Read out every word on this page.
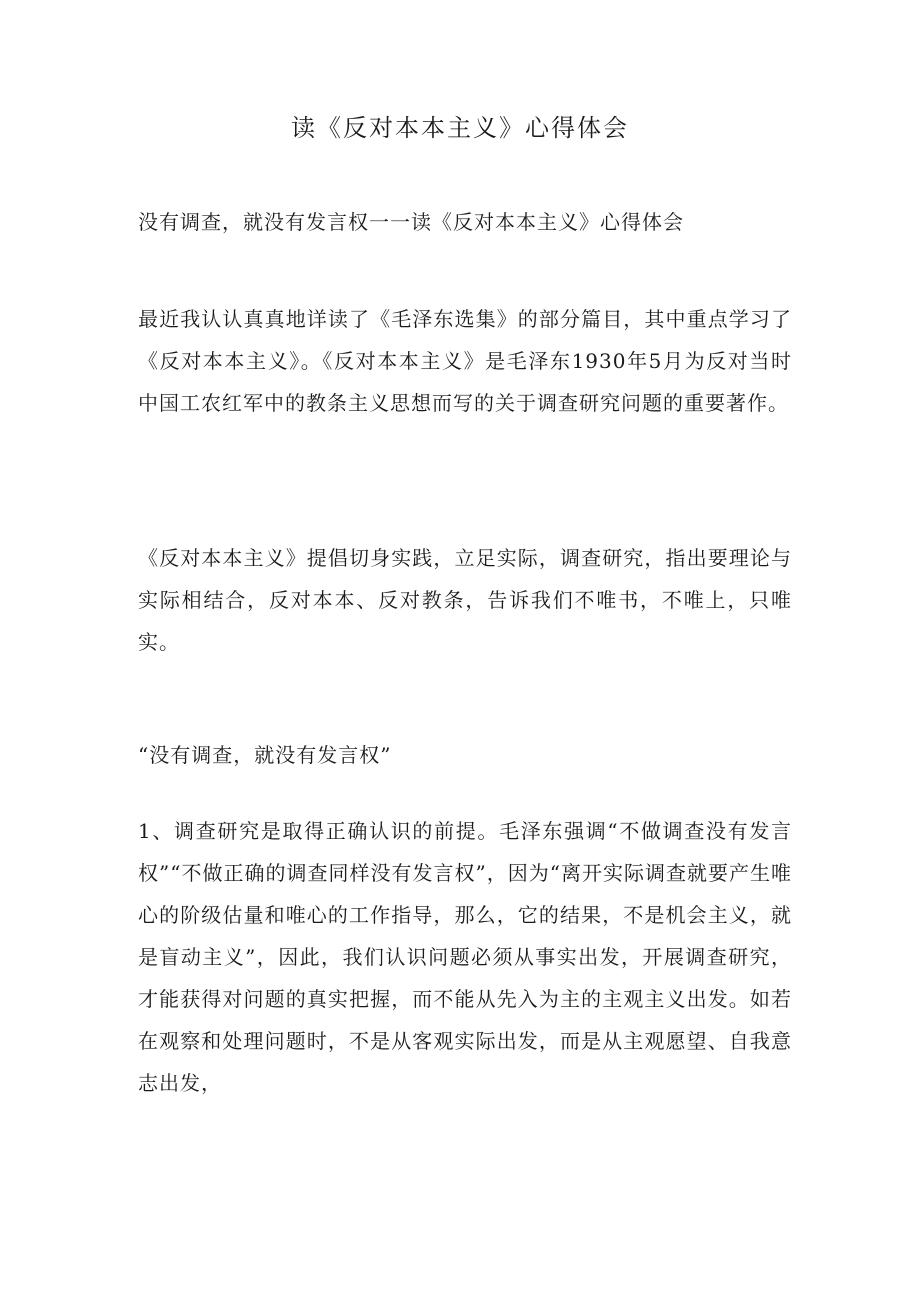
读《反对本本主义》心得体会

没有调查，就没有发言权一一读《反对本本主义》心得体会

最近我认认真真地详读了《毛泽东选集》的部分篇目，其中重点学习了《反对本本主义》。《反对本本主义》是毛泽东1930年5月为反对当时中国工农红军中的教条主义思想而写的关于调查研究问题的重要著作。

《反对本本主义》提倡切身实践，立足实际，调查研究，指出要理论与实际相结合，反对本本、反对教条，告诉我们不唯书，不唯上，只唯实。

“没有调查，就没有发言权”

1、调查研究是取得正确认识的前提。毛泽东强调“不做调查没有发言权”“不做正确的调查同样没有发言权”，因为“离开实际调查就要产生唯心的阶级估量和唯心的工作指导，那么，它的结果，不是机会主义，就是盲动主义”，因此，我们认识问题必须从事实出发，开展调查研究，才能获得对问题的真实把握，而不能从先入为主的主观主义出发。如若在观察和处理问题时，不是从客观实际出发，而是从主观愿望、自我意志出发，
